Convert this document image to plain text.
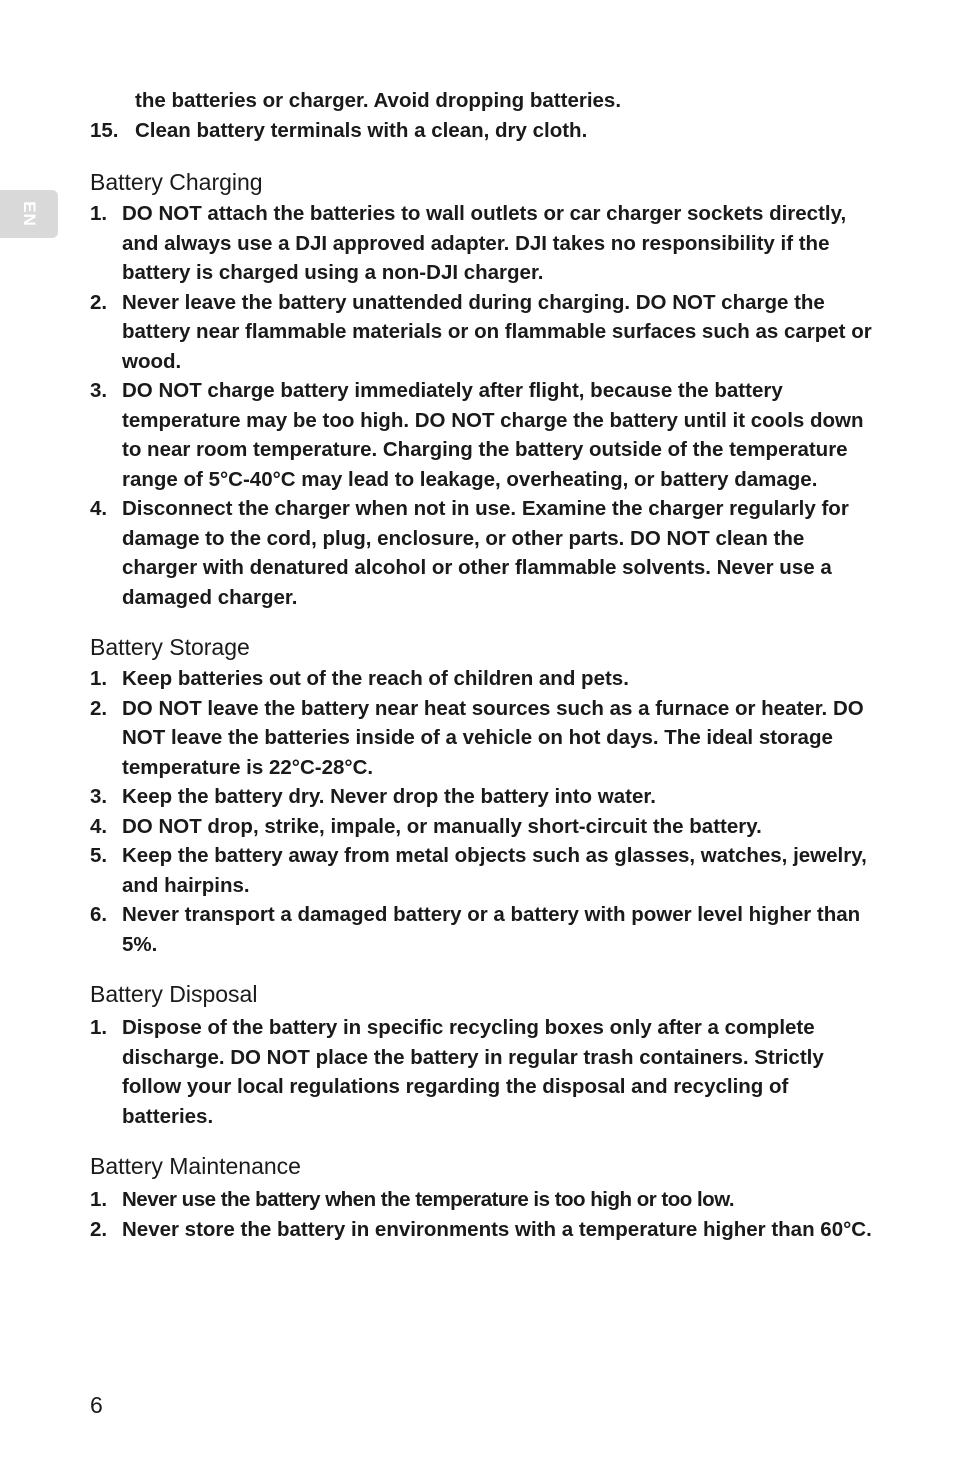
EN
the batteries or charger. Avoid dropping batteries.
15. Clean battery terminals with a clean, dry cloth.
Battery Charging
1. DO NOT attach the batteries to wall outlets or car charger sockets directly, and always use a DJI approved adapter. DJI takes no responsibility if the battery is charged using a non-DJI charger.
2. Never leave the battery unattended during charging. DO NOT charge the battery near flammable materials or on flammable surfaces such as carpet or wood.
3. DO NOT charge battery immediately after flight, because the battery temperature may be too high. DO NOT charge the battery until it cools down to near room temperature. Charging the battery outside of the temperature range of 5°C-40°C may lead to leakage, overheating, or battery damage.
4. Disconnect the charger when not in use. Examine the charger regularly for damage to the cord, plug, enclosure, or other parts. DO NOT clean the charger with denatured alcohol or other flammable solvents. Never use a damaged charger.
Battery Storage
1. Keep batteries out of the reach of children and pets.
2. DO NOT leave the battery near heat sources such as a furnace or heater. DO NOT leave the batteries inside of a vehicle on hot days. The ideal storage temperature is 22°C-28°C.
3. Keep the battery dry. Never drop the battery into water.
4. DO NOT drop, strike, impale, or manually short-circuit the battery.
5. Keep the battery away from metal objects such as glasses, watches, jewelry, and hairpins.
6. Never transport a damaged battery or a battery with power level higher than 5%.
Battery Disposal
1. Dispose of the battery in specific recycling boxes only after a complete discharge. DO NOT place the battery in regular trash containers. Strictly follow your local regulations regarding the disposal and recycling of batteries.
Battery Maintenance
1. Never use the battery when the temperature is too high or too low.
2. Never store the battery in environments with a temperature higher than 60°C.
6
